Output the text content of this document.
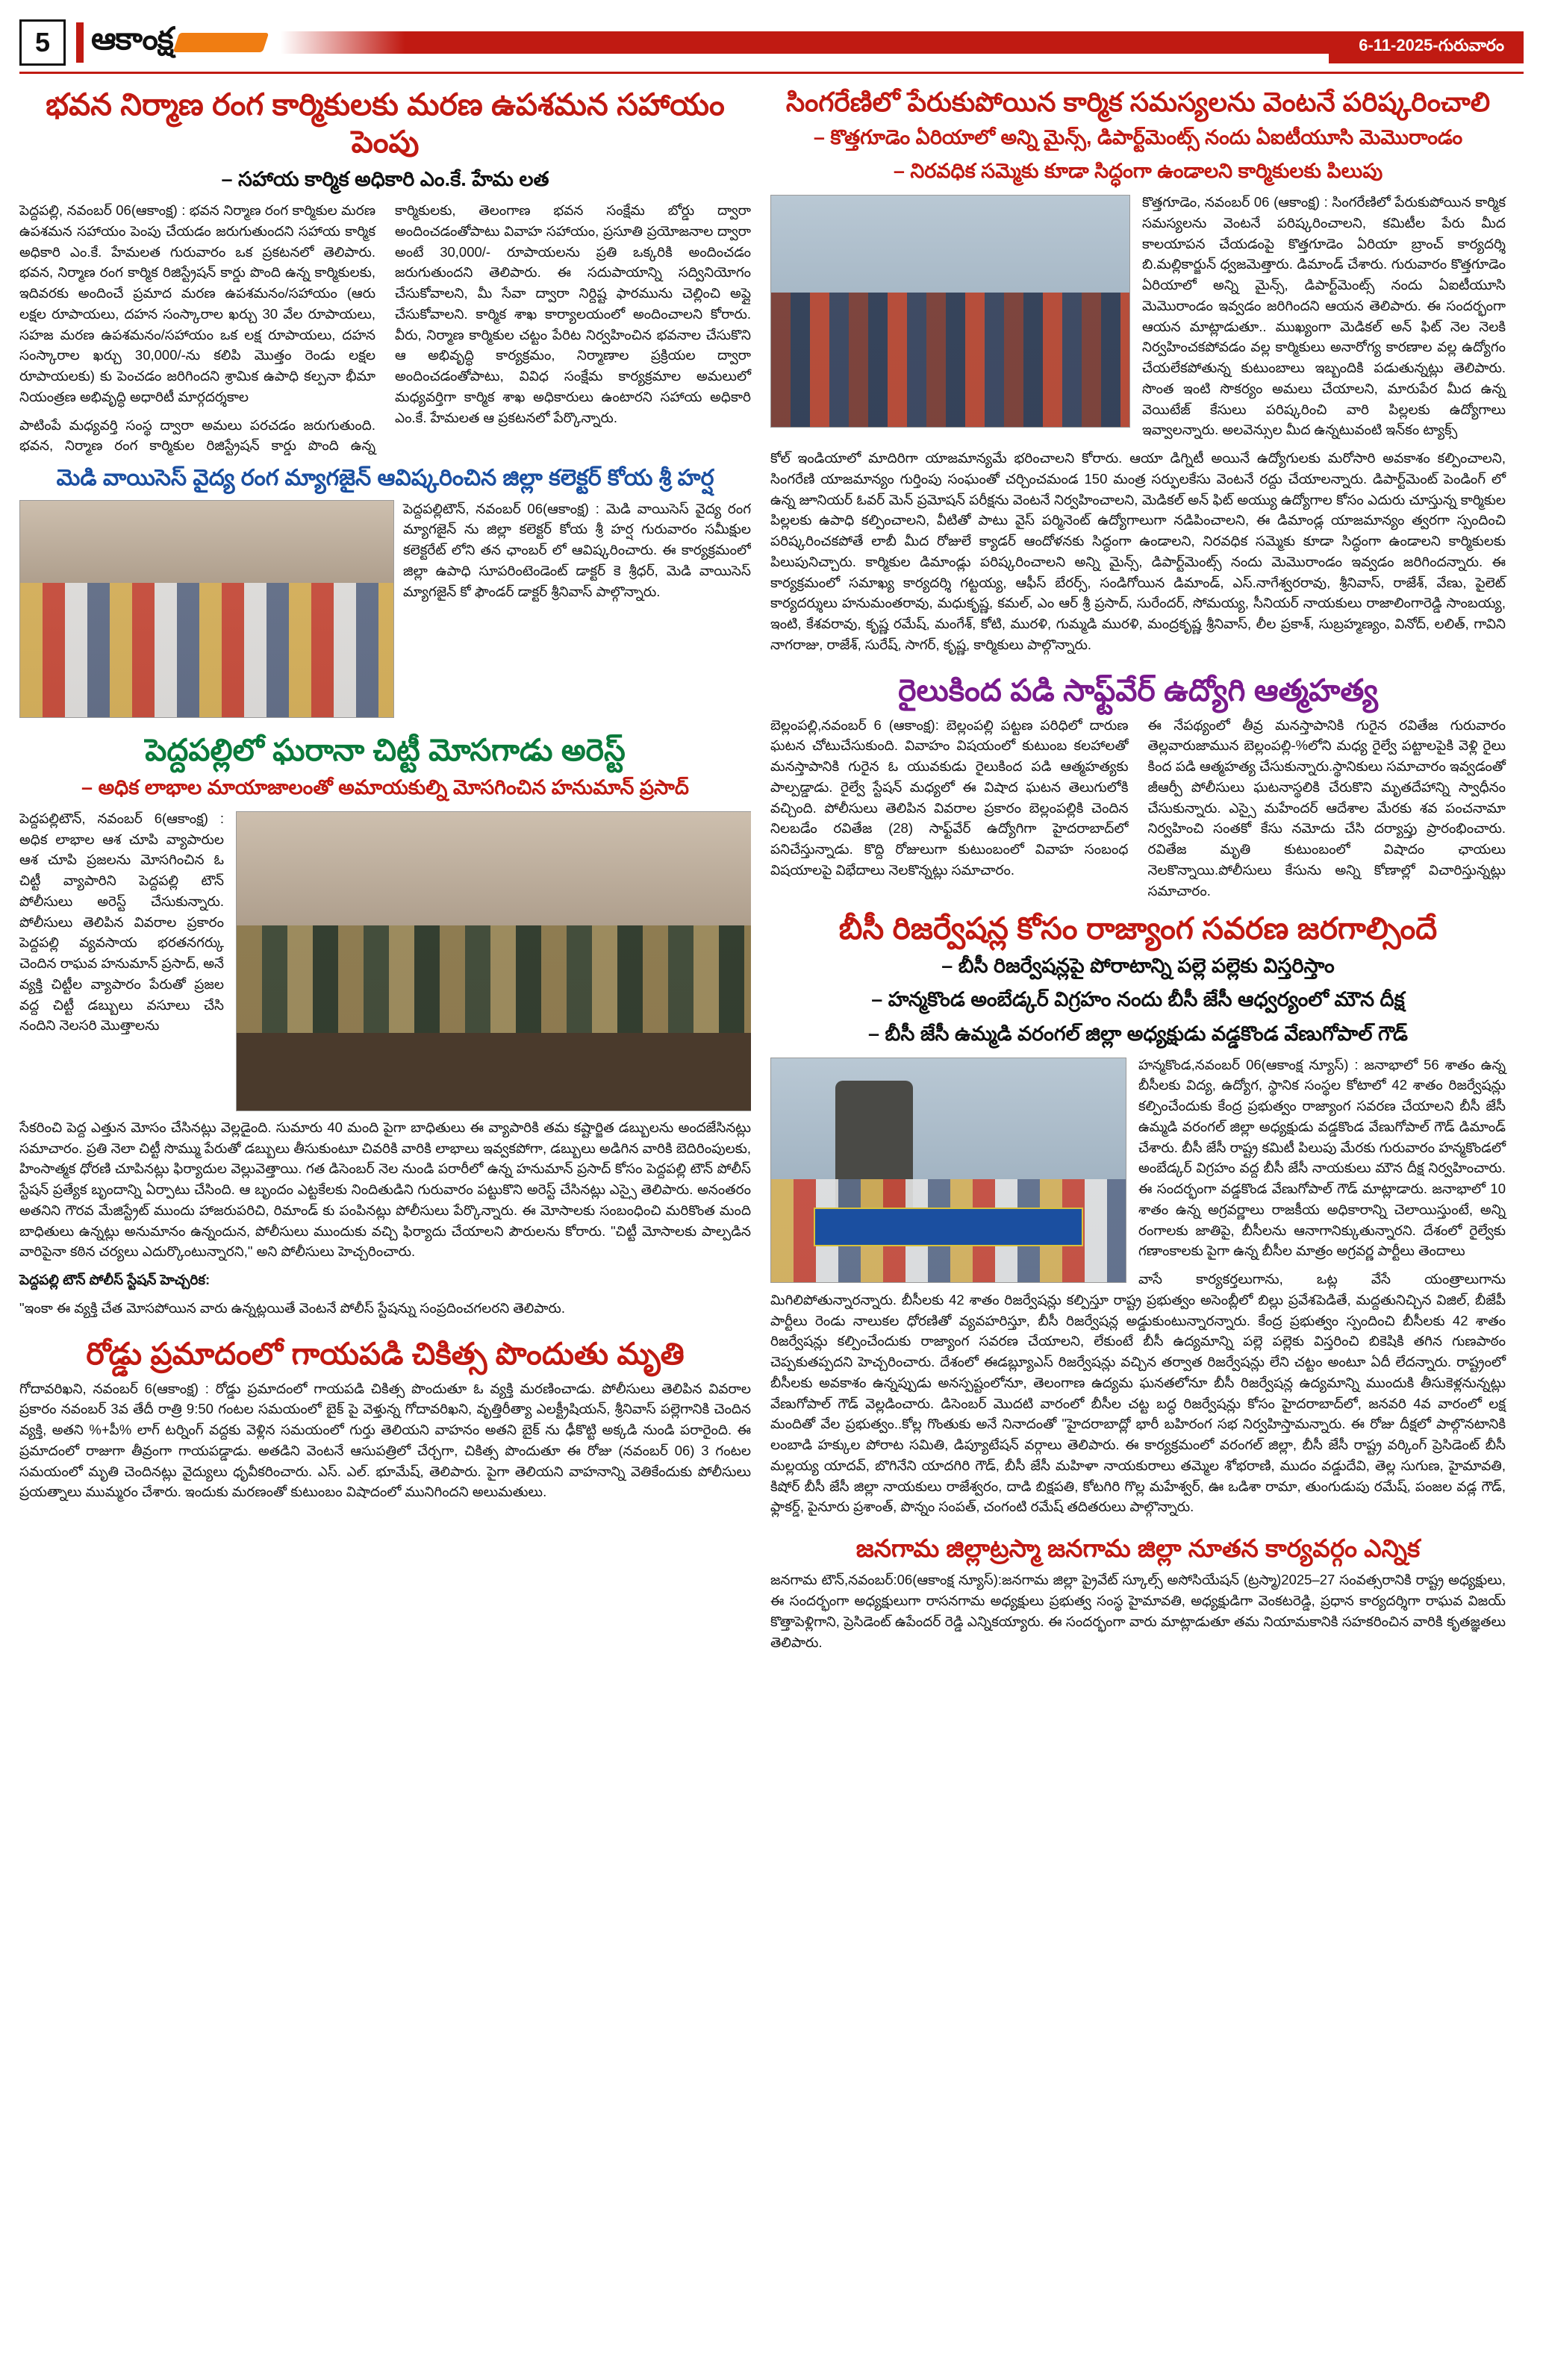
5	ఆకాంక్ష	6-11-2025-గురువారం
భవన నిర్మాణ రంగ కార్మికులకు మరణ ఉపశమన సహాయం పెంపు
– సహాయ కార్మిక అధికారి ఎం.కే. హేమ లత

పెద్దపల్లి, నవంబర్ 06(ఆకాంక్ష) : భవన నిర్మాణ రంగ కార్మికుల మరణ ఉపశమన సహాయం పెంపు చేయడం జరుగుతుందని సహాయ కార్మిక అధికారి ఎం.కే. హేమలత గురువారం ఒక ప్రకటనలో తెలిపారు. భవన, నిర్మాణ రంగ కార్మిక రిజిస్ట్రేషన్ కార్డు పొంది ఉన్న కార్మికులకు, ఇదివరకు అందించే ప్రమాద మరణ ఉపశమనం/సహాయం (ఆరు లక్షల రూపాయలు, దహన సంస్కారాల ఖర్చు 30 వేల రూపాయలు, సహజ మరణ ఉపశమనం/సహాయం ఒక లక్ష రూపాయలు, దహన సంస్కారాల ఖర్చు 30,000/-ను కలిపి మొత్తం రెండు లక్షల రూపాయలకు) కు పెంచడం జరిగిందని శ్రామిక ఉపాధి కల్పనా భీమా నియంత్రణ అభివృద్ధి అధారిటీ మార్గదర్శకాల

పాటింపే మధ్యవర్తి సంస్థ ద్వారా అమలు పరచడం జరుగుతుంది. భవన, నిర్మాణ రంగ కార్మికుల రిజిస్ట్రేషన్ కార్డు పొంది ఉన్న కార్మికులకు, తెలంగాణ భవన సంక్షేమ బోర్డు ద్వారా అందించడంతోపాటు వివాహ సహాయం, ప్రసూతి ప్రయోజనాల ద్వారా అంటే 30,000/- రూపాయలను ప్రతి ఒక్కరికి అందించడం జరుగుతుందని తెలిపారు. ఈ సదుపాయాన్ని సద్వినియోగం చేసుకోవాలని, మీ సేవా ద్వారా నిర్దిష్ట ఫారమును చెల్లించి అప్లై చేసుకోవాలని. కార్మిక శాఖ కార్యాలయంలో అందించాలని కోరారు. వీరు, నిర్మాణ కార్మికుల చట్టం పేరిట నిర్వహించిన భవనాల చేసుకొని ఆ అభివృద్ధి కార్యక్రమం, నిర్మాణాల ప్రక్రియల ద్వారా అందించడంతోపాటు, వివిధ సంక్షేమ కార్యక్రమాల అమలులో మధ్యవర్తిగా కార్మిక శాఖ అధికారులు ఉంటారని సహాయ అధికారి ఎం.కే. హేమలత ఆ ప్రకటనలో పేర్కొన్నారు.

మెడి వాయిసెస్ వైద్య రంగ మ్యాగజైన్ ఆవిష్కరించిన జిల్లా కలెక్టర్ కోయ శ్రీ హర్ష

పెద్దపల్లిటౌన్, నవంబర్ 06(ఆకాంక్ష) : మెడి వాయిసెస్ వైద్య రంగ మ్యాగజైన్ ను జిల్లా కలెక్టర్ కోయ శ్రీ హర్ష గురువారం సమీక్షుల కలెక్టరేట్ లోని తన ఛాంబర్ లో ఆవిష్కరించారు. ఈ కార్యక్రమంలో జిల్లా ఉపాధి సూపరింటెండెంట్ డాక్టర్ కె శ్రీధర్, మెడి వాయిసెస్ మ్యాగజైన్ కో ఫౌండర్ డాక్టర్ శ్రీనివాస్ పాల్గొన్నారు.

పెద్దపల్లిలో ఘరానా చిట్టీ మోసగాడు అరెస్ట్
– అధిక లాభాల మాయాజాలంతో అమాయకుల్ని మోసగించిన హనుమాన్ ప్రసాద్

పెద్దపల్లిటౌన్, నవంబర్ 6(ఆకాంక్ష) : అధిక లాభాల ఆశ చూపి వ్యాపారుల ఆశ చూపి ప్రజలను మోసగించిన ఓ చిట్టీ వ్యాపారిని పెద్దపల్లి టౌన్ పోలీసులు అరెస్ట్ చేసుకున్నారు. పోలీసులు తెలిపిన వివరాల ప్రకారం పెద్దపల్లి వ్యవసాయ భరతనగర్కు చెందిన రాఘవ హనుమాన్ ప్రసాద్, అనే వ్యక్తి చిట్టీల వ్యాపారం పేరుతో ప్రజల వద్ద చిట్టీ డబ్బులు వసూలు చేసి నందిని నెలసరి మొత్తాలను

సేకరించి పెద్ద ఎత్తున మోసం చేసినట్లు వెల్లడైంది. సుమారు 40 మంది పైగా బాధితులు ఈ వ్యాపారికి తమ కష్టార్జిత డబ్బులను అందజేసినట్లు సమాచారం. ప్రతి నెలా చిట్టీ సొమ్ము పేరుతో డబ్బులు తీసుకుంటూ చివరికి వారికి లాభాలు ఇవ్వకపోగా, డబ్బులు అడిగిన వారికి బెదిరింపులకు, హింసాత్మక ధోరణి చూపినట్లు ఫిర్యాదుల వెల్లువెత్తాయి. గత డిసెంబర్ నెల నుండి పరారీలో ఉన్న హనుమాన్ ప్రసాద్ కోసం పెద్దపల్లి టౌన్ పోలీస్ స్టేషన్ ప్రత్యేక బృందాన్ని ఏర్పాటు చేసింది. ఆ బృందం ఎట్టకేలకు నిందితుడిని గురువారం పట్టుకొని అరెస్ట్ చేసినట్లు ఎస్సై తెలిపారు. అనంతరం అతనిని గౌరవ మేజిస్ట్రేట్ ముందు హాజరుపరిచి, రిమాండ్ కు పంపినట్లు పోలీసులు పేర్కొన్నారు. ఈ మోసాలకు సంబంధించి మరికొంత మంది బాధితులు ఉన్నట్లు అనుమానం ఉన్నందున, పోలీసులు ముందుకు వచ్చి ఫిర్యాదు చేయాలని పౌరులను కోరారు. "చిట్టీ మోసాలకు పాల్పడిన వారిపైనా కఠిన చర్యలు ఎదుర్కొంటున్నారని," అని పోలీసులు హెచ్చరించారు.

పెద్దపల్లి టౌన్ పోలీస్ స్టేషన్ హెచ్చరిక:

"ఇంకా ఈ వ్యక్తి చేత మోసపోయిన వారు ఉన్నట్లయితే వెంటనే పోలీస్ స్టేషన్ను సంప్రదించగలరని తెలిపారు.

రోడ్డు ప్రమాదంలో గాయపడి చికిత్స పొందుతు మృతి

గోదావరిఖని, నవంబర్ 6(ఆకాంక్ష) : రోడ్డు ప్రమాదంలో గాయపడి చికిత్స పొందుతూ ఓ వ్యక్తి మరణించాడు. పోలీసులు తెలిపిన వివరాల ప్రకారం నవంబర్ 3వ తేదీ రాత్రి 9:50 గంటల సమయంలో బైక్ పై వెళ్తున్న గోదావరిఖని, వృత్తిరీత్యా ఎలక్ట్రీషియన్, శ్రీనివాస్ పల్లెగానికి చెందిన వ్యక్తి, అతని %+పీ% లాగ్ టర్నింగ్ వద్దకు వెళ్లిన సమయంలో గుర్తు తెలియని వాహనం అతని బైక్ ను ఢీకొట్టి అక్కడి నుండి పరారైంది. ఈ ప్రమాదంలో రాజుగా తీవ్రంగా గాయపడ్డాడు. అతడిని వెంటనే ఆసుపత్రిలో చేర్చగా, చికిత్స పొందుతూ ఈ రోజు (నవంబర్ 06) 3 గంటల సమయంలో మృతి చెందినట్లు వైద్యులు ధృవీకరించారు. ఎస్. ఎల్. భూమేష్, తెలిపారు. పైగా తెలియని వాహనాన్ని వెతికేందుకు పోలీసులు ప్రయత్నాలు ముమ్మరం చేశారు. ఇందుకు మరణంతో కుటుంబం విషాదంలో మునిగిందని అలుమతులు.

సింగరేణిలో పేరుకుపోయిన కార్మిక సమస్యలను వెంటనే పరిష్కరించాలి
– కొత్తగూడెం ఏరియాలో అన్ని మైన్స్, డిపార్ట్‌మెంట్స్ నందు ఏఐటీయూసి మెమొరాండం
– నిరవధిక సమ్మెకు కూడా సిద్ధంగా ఉండాలని కార్మికులకు పిలుపు

కొత్తగూడెం, నవంబర్ 06 (ఆకాంక్ష) : సింగరేణిలో పేరుకుపోయిన కార్మిక సమస్యలను వెంటనే పరిష్కరించాలని, కమిటీల పేరు మీద కాలయాపన చేయడంపై కొత్తగూడెం ఏరియా బ్రాంచ్ కార్యదర్శి బి.మల్లికార్జున్ ధ్వజమెత్తారు. డిమాండ్ చేశారు. గురువారం కొత్తగూడెం ఏరియాలో అన్ని మైన్స్, డిపార్ట్‌మెంట్స్ నందు ఏఐటీయూసి మెమొరాండం ఇవ్వడం జరిగిందని ఆయన తెలిపారు. ఈ సందర్భంగా ఆయన మాట్లాడుతూ.. ముఖ్యంగా మెడికల్ అన్ ఫిట్ నెల నెలకి నిర్వహించకపోవడం వల్ల కార్మికులు అనారోగ్య కారణాల వల్ల ఉద్యోగం చేయలేకపోతున్న కుటుంబాలు ఇబ్బందికి పడుతున్నట్లు తెలిపారు. సొంత ఇంటి సొకర్యం అమలు చేయాలని, మారుపేర మీద ఉన్న వెయిటేజ్ కేసులు పరిష్కరించి వారి పిల్లలకు ఉద్యోగాలు ఇవ్వాలన్నారు. అలవెన్సుల మీద ఉన్నటువంటి ఇన్‌కం ట్యాక్స్

కోల్ ఇండియాలో మాదిరిగా యాజమాన్యమే భరించాలని కోరారు. ఆయా డిగ్నిటీ అయినే ఉద్యోగులకు మరోసారి అవకాశం కల్పించాలని, సింగరేణి యాజమాన్యం గుర్తింపు సంఘంతో చర్చించమండ 150 మంత్ర సర్ఫులకేసు వెంటనే రద్దు చేయాలన్నారు. డిపార్ట్‌మెంట్ పెండింగ్ లో ఉన్న జూనియర్ ఓవర్ మెన్ ప్రమోషన్ పరీక్షను వెంటనే నిర్వహించాలని, మెడికల్ అన్ ఫిట్ అయ్యు ఉద్యోగాల కోసం ఎదురు చూస్తున్న కార్మికుల పిల్లలకు ఉపాధి కల్పించాలని, వీటితో పాటు వైస్ పర్మినెంట్ ఉద్యోగాలుగా నడిపించాలని, ఈ డిమాండ్ల యాజమాన్యం త్వరగా స్పందించి పరిష్కరించకపోతే లాబీ మీద రోజులే క్యాడర్ ఆందోళనకు సిద్ధంగా ఉండాలని, నిరవధిక సమ్మెకు కూడా సిద్ధంగా ఉండాలని కార్మికులకు పిలుపునిచ్చారు. కార్మికుల డిమాండ్లు పరిష్కరించాలని అన్ని మైన్స్, డిపార్ట్‌మెంట్స్ నందు మెమొరాండం ఇవ్వడం జరిగిందన్నారు. ఈ కార్యక్రమంలో సమాఖ్య కార్యదర్శి గట్టయ్య, ఆఫీస్ బేరర్స్, సండిగోయిన డిమాండ్, ఎస్.నాగేశ్వరరావు, శ్రీనివాస్, రాజేశ్, వేణు, పైలెట్ కార్యదర్శులు హనుమంతరావు, మధుకృష్ణ, కమల్, ఎం ఆర్ శ్రీ ప్రసాద్, సురేందర్, సోమయ్య, సీనియర్ నాయకులు రాజాలింగారెడ్డి సాంబయ్య, ఇంటి, కేశవరావు, కృష్ణ రమేష్, మంగేశ్, కోటి, మురళి, గుమ్మడి మురళి, మంద్రకృష్ణ శ్రీనివాస్, లీల ప్రకాశ్, సుబ్రహ్మణ్యం, వినోద్, లలిత్, గావిని నాగరాజు, రాజేశ్, సురేష్, సాగర్, కృష్ణ, కార్మికులు పాల్గొన్నారు.

రైలుకింద పడి సాఫ్ట్‌వేర్ ఉద్యోగి ఆత్మహత్య

బెల్లంపల్లి,నవంబర్ 6 (ఆకాంక్ష): బెల్లంపల్లి పట్టణ పరిధిలో దారుణ ఘటన చోటుచేసుకుంది. వివాహం విషయంలో కుటుంబ కలహాలతో మనస్తాపానికి గురైన ఓ యువకుడు రైలుకింద పడి ఆత్మహత్యకు పాల్పడ్డాడు. రైల్వే స్టేషన్ మధ్యలో ఈ విషాద ఘటన తెలుగులోకి వచ్చింది. పోలీసులు తెలిపిన వివరాల ప్రకారం బెల్లంపల్లికి చెందిన నిలబడేం రవితేజ (28) సాఫ్ట్‌వేర్ ఉద్యోగిగా హైదరాబాద్‌లో పనిచేస్తున్నాడు. కొద్ది రోజులుగా కుటుంబంలో వివాహ సంబంధ విషయాలపై విభేదాలు నెలకొన్నట్లు సమాచారం.

ఈ నేపథ్యంలో తీవ్ర మనస్తాపానికి గురైన రవితేజ గురువారం తెల్లవారుజామున బెల్లంపల్లి-%లోని మధ్య రైల్వే పట్టాలపైకి వెళ్లి రైలు కింద పడి ఆత్మహత్య చేసుకున్నారు.స్థానికులు సమాచారం ఇవ్వడంతో జీఆర్పీ పోలీసులు ఘటనాస్థలికి చేరుకొని మృతదేహాన్ని స్వాధీనం చేసుకున్నారు. ఎస్సై మహేందర్ ఆదేశాల మేరకు శవ పంచనామా నిర్వహించి సంతకో కేసు నమోదు చేసి దర్యాప్తు ప్రారంభించారు. రవితేజ మృతి కుటుంబంలో విషాదం ఛాయలు నెలకొన్నాయి.పోలీసులు కేసును అన్ని కోణాల్లో విచారిస్తున్నట్లు సమాచారం.

బీసీ రిజర్వేషన్ల కోసం రాజ్యాంగ సవరణ జరగాల్సిందే
– బీసీ రిజర్వేషన్లపై పోరాటాన్ని పల్లె పల్లెకు విస్తరిస్తాం
– హన్మకొండ అంబేడ్కర్ విగ్రహం నందు బీసీ జేసీ ఆధ్వర్యంలో మౌన దీక్ష
– బీసీ జేసీ ఉమ్మడి వరంగల్ జిల్లా అధ్యక్షుడు వడ్డకొండ వేణుగోపాల్ గౌడ్

హన్మకొండ,నవంబర్ 06(ఆకాంక్ష న్యూస్) : జనాభాలో 56 శాతం ఉన్న బీసీలకు విద్య, ఉద్యోగ, స్థానిక సంస్థల కోటాలో 42 శాతం రిజర్వేషన్లు కల్పించేందుకు కేంద్ర ప్రభుత్వం రాజ్యాంగ సవరణ చేయాలని బీసీ జేసీ ఉమ్మడి వరంగల్ జిల్లా అధ్యక్షుడు వడ్డకొండ వేణుగోపాల్ గౌడ్ డిమాండ్ చేశారు. బీసీ జేసీ రాష్ట్ర కమిటీ పిలుపు మేరకు గురువారం హన్మకొండలో అంబేడ్కర్ విగ్రహం వద్ద బీసీ జేసీ నాయకులు మౌన దీక్ష నిర్వహించారు. ఈ సందర్భంగా వడ్డకొండ వేణుగోపాల్ గౌడ్ మాట్లాడారు. జనాభాలో 10 శాతం ఉన్న అగ్రవర్ణాలు రాజకీయ అధికారాన్ని చెలాయిస్తుంటే, అన్ని రంగాలకు జాతిపై, బీసీలను ఆనాగానిక్కుతున్నారని. దేశంలో రైల్వేకు గణాంకాలకు పైగా ఉన్న బీసీల మాత్రం అగ్రవర్ణ పార్టీలు తెందాలు

వాసే కార్యకర్తలుగాను, ఒట్ల వేసే యంత్రాలుగాను మిగిలిపోతున్నారన్నారు. బీసీలకు 42 శాతం రిజర్వేషన్లు కల్పిస్తూ రాష్ట్ర ప్రభుత్వం అసెంబ్లీలో బిల్లు ప్రవేశపెడితే, మద్దతునిచ్చిన విజిల్, బీజేపీ పార్టీలు రెండు నాలుకల ధోరణితో వ్యవహరిస్తూ, బీసీ రిజర్వేషన్ల అడ్డుకుంటున్నారన్నారు. కేంద్ర ప్రభుత్వం స్పందించి బీసీలకు 42 శాతం రిజర్వేషన్లు కల్పించేందుకు రాజ్యాంగ సవరణ చేయాలని, లేకుంటే బీసీ ఉద్యమాన్ని పల్లె పల్లెకు విస్తరించి బికెషికి తగిన గుణపాఠం చెప్పకుతప్పదని హెచ్చరించారు. దేశంలో ఈడబ్ల్యూఎస్ రిజర్వేషన్లు వచ్చిన తర్వాత రిజర్వేషన్లు లేని చట్టం అంటూ ఏదీ లేదన్నారు. రాష్ట్రంలో బీసీలకు అవకాశం ఉన్నప్పుడు అనస్పష్టంలోనూ, తెలంగాణ ఉద్యమ ఘనతలోనూ బీసీ రిజర్వేషన్ల ఉద్యమాన్ని ముందుకి తీసుకెళ్లనున్నట్లు వేణుగోపాల్ గౌడ్ వెల్లడించారు. డిసెంబర్ మొదటి వారంలో బీసీల చట్ట బద్ధ రిజర్వేషన్లు కోసం హైదరాబాద్‌లో, జనవరి 4వ వారంలో లక్ష మందితో వేల ప్రభుత్వం..కోల్ల గొంతుకు అనే నినాదంతో "హైదరాబాద్లో భారీ బహిరంగ సభ నిర్వహిస్తామన్నారు. ఈ రోజు దీక్షలో పాల్గొనటానికి లంబాడి హక్కుల పోరాట సమితి, డిప్యూటేషన్ వర్గాలు తెలిపారు. ఈ కార్యక్రమంలో వరంగల్ జిల్లా, బీసీ జేసీ రాష్ట్ర వర్కింగ్ ప్రెసిడెంట్ బీసీ మల్లయ్య యాదవ్, బొగినేని యాదగిరి గౌడ్, బీసీ జేసీ మహిళా నాయకురాలు తమ్మెల శోభరాణి, ముదం వడ్డుదేవి, తెల్ల సుగుణ, హైమావతి, కిషోర్ బీసీ జేసీ జిల్లా నాయకులు రాజేశ్వరం, దాడి బిక్షపతి, కోటగిరి గొల్ల మహేశ్వర్, ఊ ఒడిశా రామా, తుంగుడుపు రమేష్, పంజల వడ్ల గౌడ్, ఫ్లాకర్డ్, పైనూరు ప్రశాంత్, పొన్నం సంపత్, చంగంటి రమేష్ తదితరులు పాల్గొన్నారు.

జనగామ జిల్లాట్రస్మా జనగామ జిల్లా నూతన కార్యవర్గం ఎన్నిక

జనగామ టౌన్,నవంబర్:06(ఆకాంక్ష న్యూస్):జనగామ జిల్లా ప్రైవేట్ స్కూల్స్ అసోసియేషన్ (ట్రస్మా)2025–27 సంవత్సరానికి రాష్ట్ర అధ్యక్షులు, ఈ సందర్భంగా అధ్యక్షులుగా రాసనగామ అధ్యక్షులు ప్రభుత్వ సంస్థ హైమావతి, అధ్యక్షుడిగా వెంకటరెడ్డి, ప్రధాన కార్యదర్శిగా రాఘవ విజయ్ కొత్తాపెళ్లిగాని, ప్రెసిడెంట్ ఉపేందర్ రెడ్డి ఎన్నికయ్యారు. ఈ సందర్భంగా వారు మాట్లాడుతూ తమ నియామకానికి సహకరించిన వారికి కృతజ్ఞతలు తెలిపారు.
